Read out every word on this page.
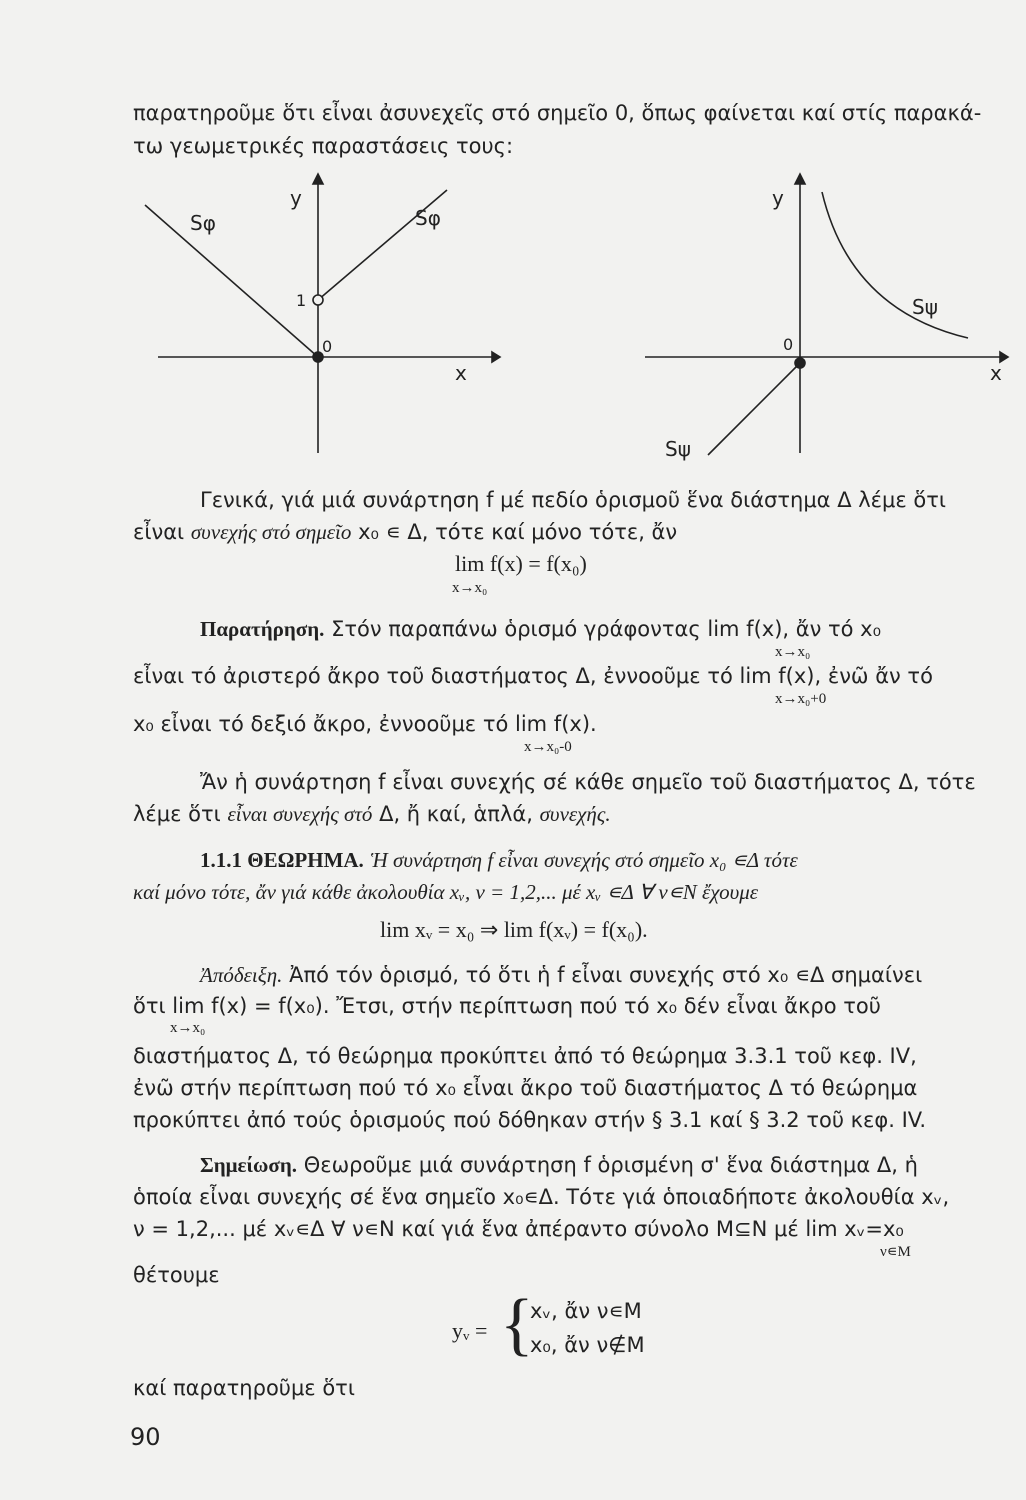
παρατηροῦμε ὅτι εἶναι ἀσυνεχεῖς στό σημεῖο 0, ὅπως φαίνεται καί στίς παρακά-
τω γεωμετρικές παραστάσεις τους:
Sφ	Sφ
y
x
0
1
y
x
0
Sψ
Sψ
Γενικά, γιά μιά συνάρτηση f μέ πεδίο ὁρισμοῦ ἕνα διάστημα Δ λέμε ὅτι
εἶναι συνεχής στό σημεῖο x₀ ∊ Δ, τότε καί μόνο τότε, ἄν
lim f(x) = f(x₀)
x→x₀
Παρατήρηση. Στόν παραπάνω ὁρισμό γράφοντας lim f(x), ἄν τό x₀
x→x₀
εἶναι τό ἀριστερό ἄκρο τοῦ διαστήματος Δ, ἐννοοῦμε τό lim f(x), ἐνῶ ἄν τό
x→x₀+0
x₀ εἶναι τό δεξιό ἄκρο, ἐννοοῦμε τό lim f(x).
x→x₀-0
Ἄν ἡ συνάρτηση f εἶναι συνεχής σέ κάθε σημεῖο τοῦ διαστήματος Δ, τότε
λέμε ὅτι εἶναι συνεχής στό Δ, ἤ καί, ἁπλά, συνεχής.
1.1.1 ΘΕΩΡΗΜΑ. Ἡ συνάρτηση f εἶναι συνεχής στό σημεῖο x₀ ∊Δ τότε
καί μόνο τότε, ἄν γιά κάθε ἀκολουθία xᵥ, ν = 1,2,... μέ xᵥ ∊Δ ∀ ν∊N ἔχουμε
lim xᵥ = x₀ ⇒ lim f(xᵥ) = f(x₀).
Ἀπόδειξη. Ἀπό τόν ὁρισμό, τό ὅτι ἡ f εἶναι συνεχής στό x₀ ∊Δ σημαίνει
ὅτι lim f(x) = f(x₀). Ἔτσι, στήν περίπτωση πού τό x₀ δέν εἶναι ἄκρο τοῦ
x→x₀
διαστήματος Δ, τό θεώρημα προκύπτει ἀπό τό θεώρημα 3.3.1 τοῦ κεφ. IV,
ἐνῶ στήν περίπτωση πού τό x₀ εἶναι ἄκρο τοῦ διαστήματος Δ τό θεώρημα
προκύπτει ἀπό τούς ὁρισμούς πού δόθηκαν στήν § 3.1 καί § 3.2 τοῦ κεφ. IV.
Σημείωση. Θεωροῦμε μιά συνάρτηση f ὁρισμένη σ' ἕνα διάστημα Δ, ἡ
ὁποία εἶναι συνεχής σέ ἕνα σημεῖο x₀∊Δ. Τότε γιά ὁποιαδήποτε ἀκολουθία xᵥ,
ν = 1,2,... μέ xᵥ∊Δ ∀ ν∊N καί γιά ἕνα ἀπέραντο σύνολο M⊆N μέ lim xᵥ=x₀
ν∊M
θέτουμε
yᵥ = {
xᵥ, ἄν ν∊M
x₀, ἄν ν∉M
καί παρατηροῦμε ὅτι
90
